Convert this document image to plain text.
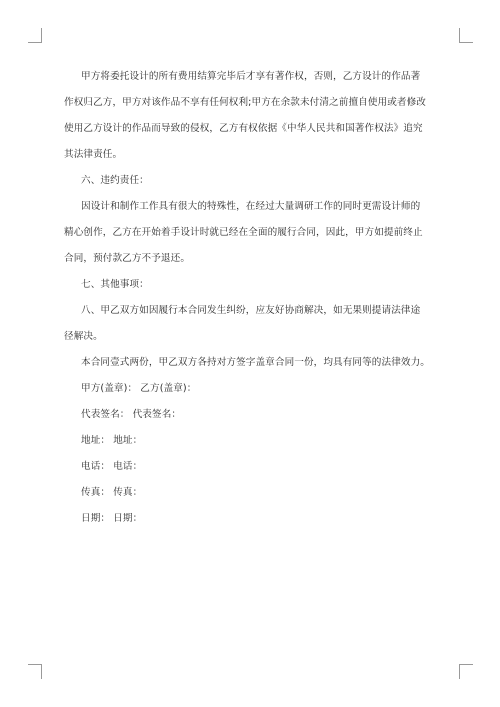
甲方将委托设计的所有费用结算完毕后才享有著作权，否则，乙方设计的作品著
作权归乙方，甲方对该作品不享有任何权利;甲方在余款未付清之前擅自使用或者修改
使用乙方设计的作品而导致的侵权，乙方有权依据《中华人民共和国著作权法》追究
其法律责任。
六、违约责任：
因设计和制作工作具有很大的特殊性，在经过大量调研工作的同时更需设计师的
精心创作，乙方在开始着手设计时就已经在全面的履行合同，因此，甲方如提前终止
合同，预付款乙方不予退还。
七、其他事项：
八、甲乙双方如因履行本合同发生纠纷，应友好协商解决，如无果则提请法律途
径解决。
本合同壹式两份，甲乙双方各持对方签字盖章合同一份，均具有同等的法律效力。
甲方(盖章)： 乙方(盖章)：
代表签名： 代表签名：
地址： 地址：
电话： 电话：
传真： 传真：
日期： 日期：
